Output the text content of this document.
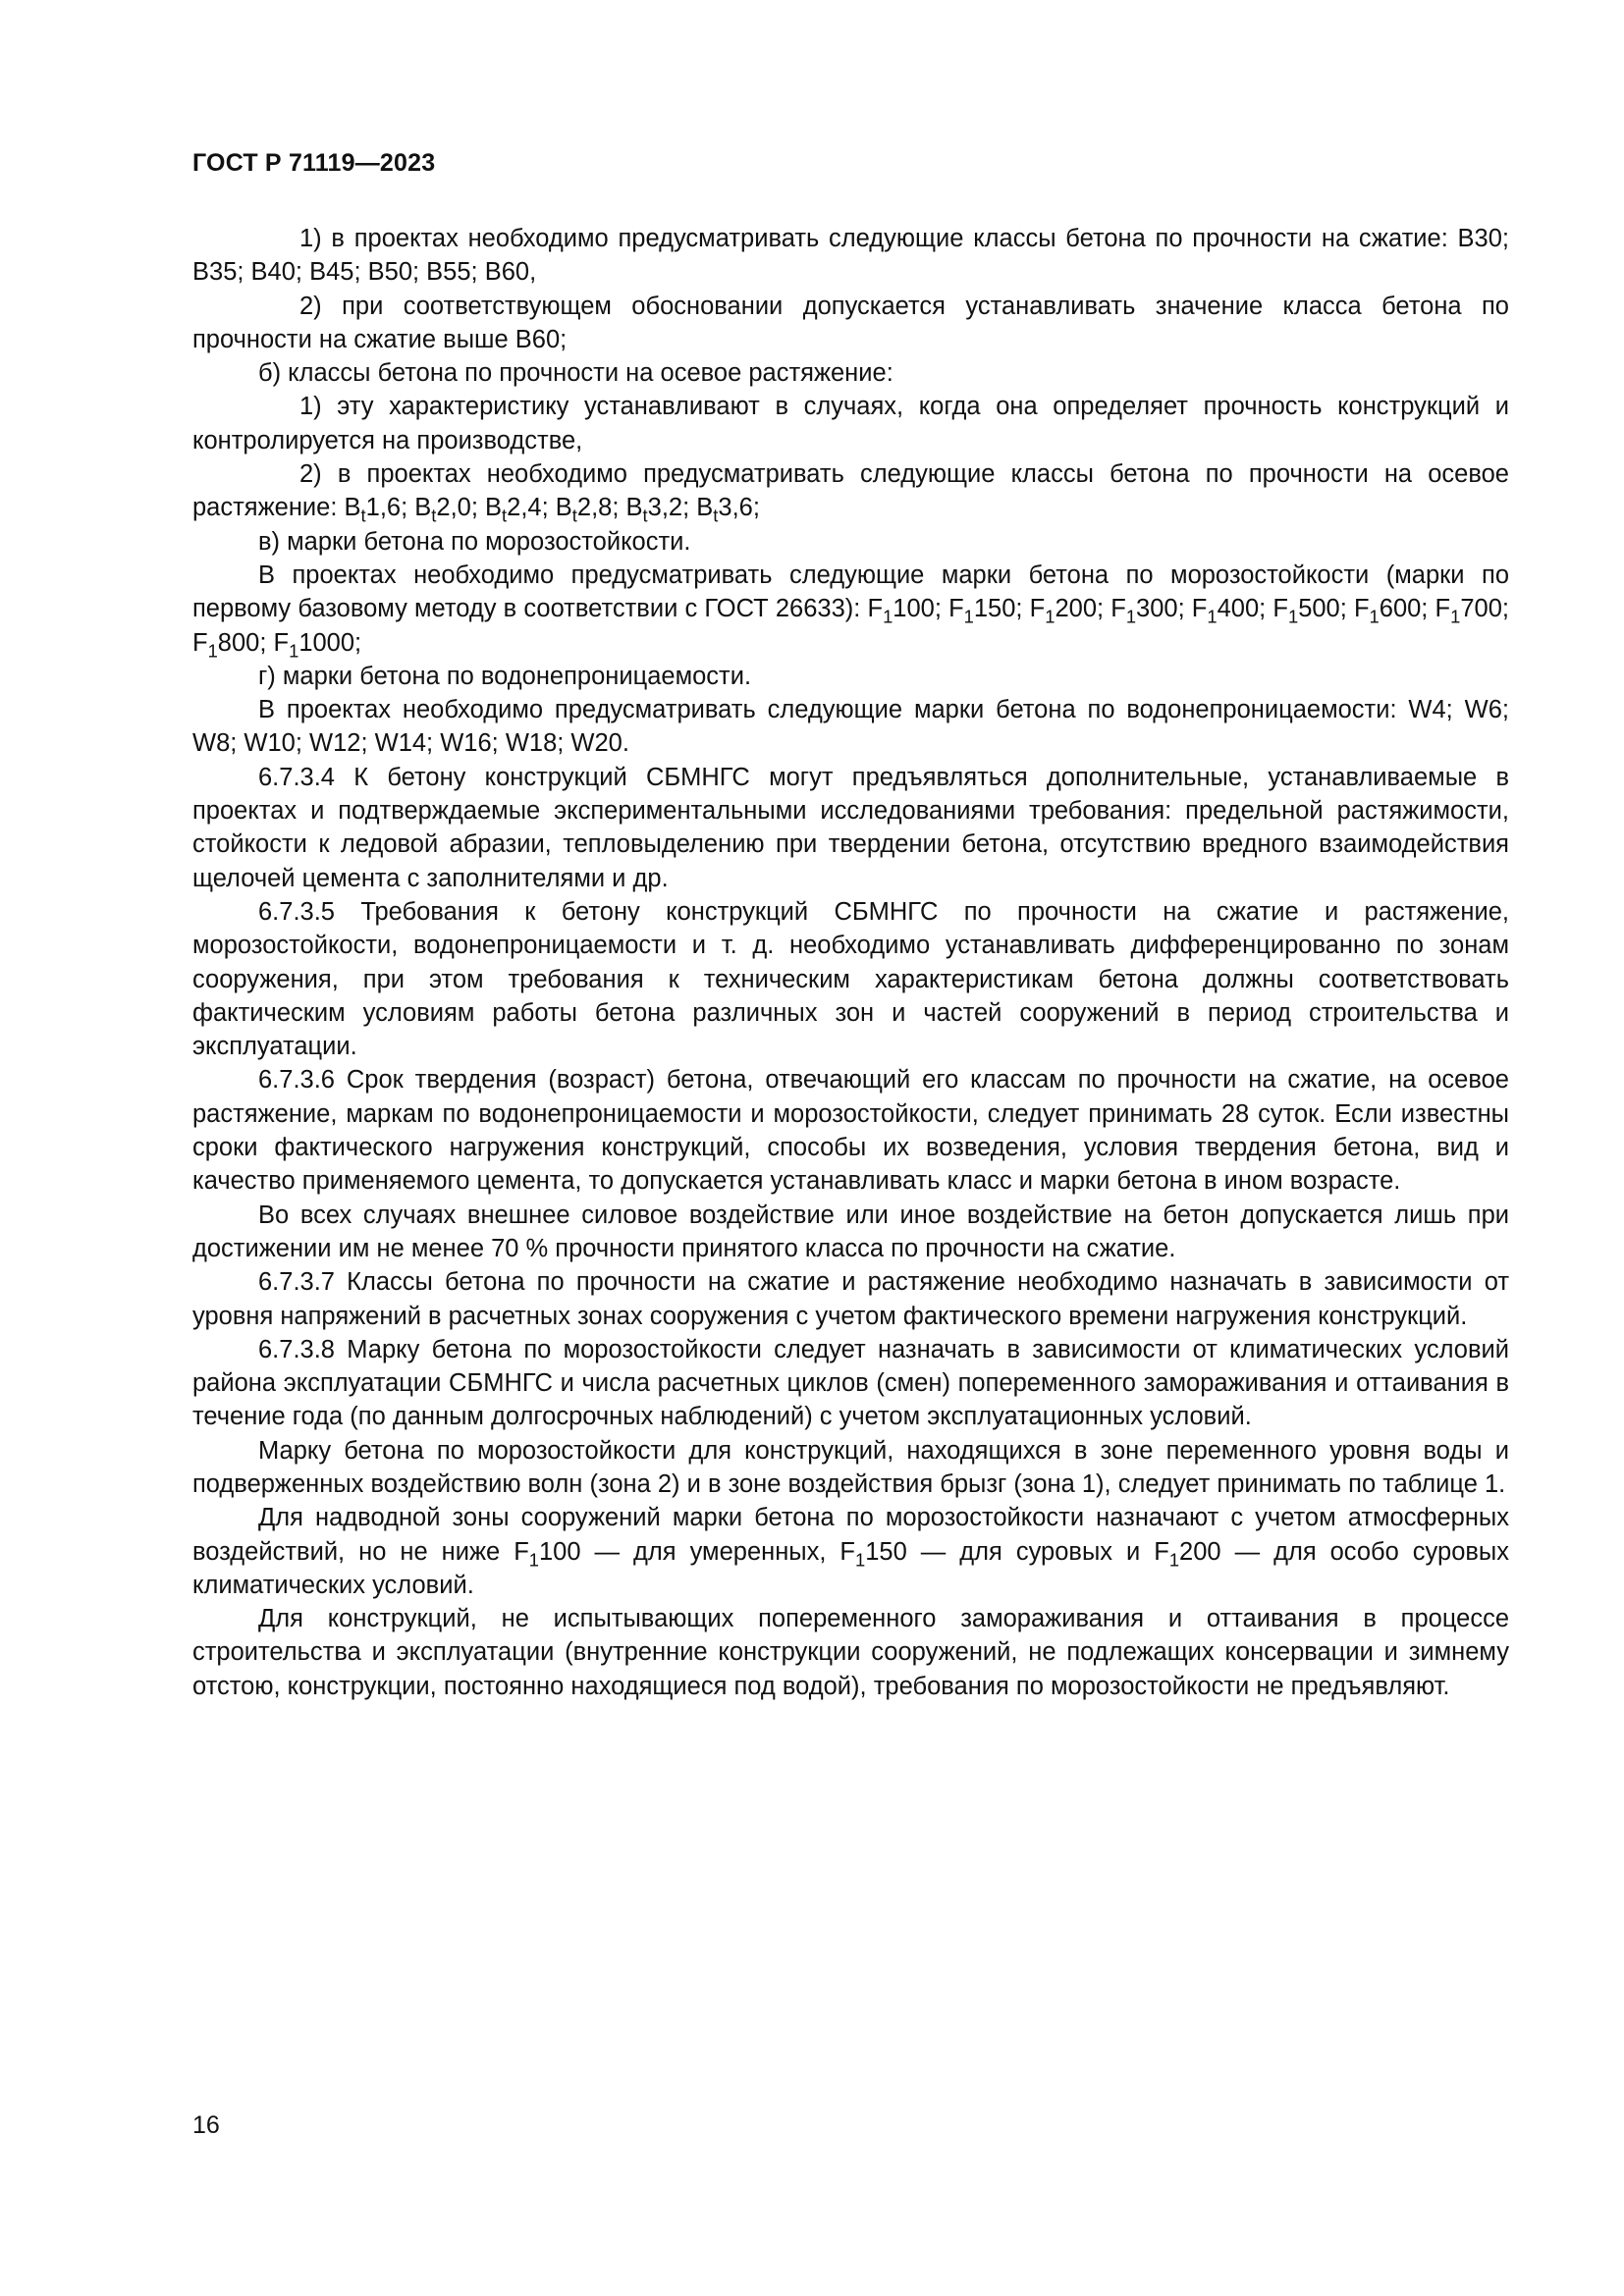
ГОСТ Р 71119—2023

1) в проектах необходимо предусматривать следующие классы бетона по прочности на сжатие: B30; B35; B40; B45; B50; B55; B60,

2) при соответствующем обосновании допускается устанавливать значение класса бетона по прочности на сжатие выше B60;

б) классы бетона по прочности на осевое растяжение:

1) эту характеристику устанавливают в случаях, когда она определяет прочность конструкций и контролируется на производстве,

2) в проектах необходимо предусматривать следующие классы бетона по прочности на осевое растяжение: $B_t1,6$; $B_t2,0$; $B_t2,4$; $B_t2,8$; $B_t3,2$; $B_t3,6$;

в) марки бетона по морозостойкости.

В проектах необходимо предусматривать следующие марки бетона по морозостойкости (марки по первому базовому методу в соответствии с ГОСТ 26633): $F_1100$; $F_1150$; $F_1200$; $F_1300$; $F_1400$; $F_1500$; $F_1600$; $F_1700$; $F_1800$; $F_11000$;

г) марки бетона по водонепроницаемости.

В проектах необходимо предусматривать следующие марки бетона по водонепроницаемости: W4; W6; W8; W10; W12; W14; W16; W18; W20.

6.7.3.4 К бетону конструкций СБМНГС могут предъявляться дополнительные, устанавливаемые в проектах и подтверждаемые экспериментальными исследованиями требования: предельной растяжимости, стойкости к ледовой абразии, тепловыделению при твердении бетона, отсутствию вредного взаимодействия щелочей цемента с заполнителями и др.

6.7.3.5 Требования к бетону конструкций СБМНГС по прочности на сжатие и растяжение, морозостойкости, водонепроницаемости и т. д. необходимо устанавливать дифференцированно по зонам сооружения, при этом требования к техническим характеристикам бетона должны соответствовать фактическим условиям работы бетона различных зон и частей сооружений в период строительства и эксплуатации.

6.7.3.6 Срок твердения (возраст) бетона, отвечающий его классам по прочности на сжатие, на осевое растяжение, маркам по водонепроницаемости и морозостойкости, следует принимать 28 суток. Если известны сроки фактического нагружения конструкций, способы их возведения, условия твердения бетона, вид и качество применяемого цемента, то допускается устанавливать класс и марки бетона в ином возрасте.

Во всех случаях внешнее силовое воздействие или иное воздействие на бетон допускается лишь при достижении им не менее 70 % прочности принятого класса по прочности на сжатие.

6.7.3.7 Классы бетона по прочности на сжатие и растяжение необходимо назначать в зависимости от уровня напряжений в расчетных зонах сооружения с учетом фактического времени нагружения конструкций.

6.7.3.8 Марку бетона по морозостойкости следует назначать в зависимости от климатических условий района эксплуатации СБМНГС и числа расчетных циклов (смен) попеременного замораживания и оттаивания в течение года (по данным долгосрочных наблюдений) с учетом эксплуатационных условий.

Марку бетона по морозостойкости для конструкций, находящихся в зоне переменного уровня воды и подверженных воздействию волн (зона 2) и в зоне воздействия брызг (зона 1), следует принимать по таблице 1.

Для надводной зоны сооружений марки бетона по морозостойкости назначают с учетом атмосферных воздействий, но не ниже $F_1100$ — для умеренных, $F_1150$ — для суровых и $F_1200$ — для особо суровых климатических условий.

Для конструкций, не испытывающих попеременного замораживания и оттаивания в процессе строительства и эксплуатации (внутренние конструкции сооружений, не подлежащих консервации и зимнему отстою, конструкции, постоянно находящиеся под водой), требования по морозостойкости не предъявляют.

16
